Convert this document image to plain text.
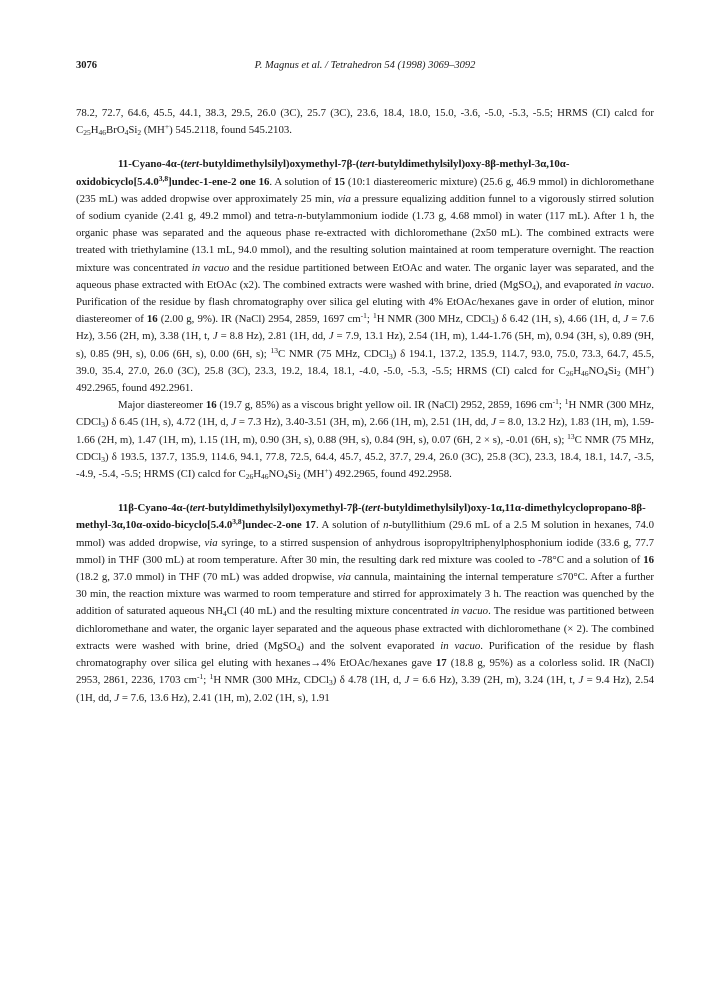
3076	P. Magnus et al. / Tetrahedron 54 (1998) 3069–3092

78.2, 72.7, 64.6, 45.5, 44.1, 38.3, 29.5, 26.0 (3C), 25.7 (3C), 23.6, 18.4, 18.0, 15.0, -3.6, -5.0, -5.3, -5.5; HRMS (CI) calcd for $C_{25}H_{46}BrO_4Si_2$ (MH+) 545.2118, found 545.2103.

11-Cyano-4α-(tert-butyldimethylsilyl)oxymethyl-7β-(tert-butyldimethylsilyl)oxy-8β-methyl-3α,10α-oxidobicyclo[5.4.0$^{3,8}$]undec-1-ene-2 one 16. A solution of 15 (10:1 diastereomeric mixture) (25.6 g, 46.9 mmol) in dichloromethane (235 mL) was added dropwise over approximately 25 min, via a pressure equalizing addition funnel to a vigorously stirred solution of sodium cyanide (2.41 g, 49.2 mmol) and tetra-n-butylammonium iodide (1.73 g, 4.68 mmol) in water (117 mL). After 1 h, the organic phase was separated and the aqueous phase re-extracted with dichloromethane (2x50 mL). The combined extracts were treated with triethylamine (13.1 mL, 94.0 mmol), and the resulting solution maintained at room temperature overnight. The reaction mixture was concentrated in vacuo and the residue partitioned between EtOAc and water. The organic layer was separated, and the aqueous phase extracted with EtOAc (x2). The combined extracts were washed with brine, dried (MgSO$_4$), and evaporated in vacuo. Purification of the residue by flash chromatography over silica gel eluting with 4% EtOAc/hexanes gave in order of elution, minor diastereomer of 16 (2.00 g, 9%). IR (NaCl) 2954, 2859, 1697 $cm^{-1}$; $^1$H NMR (300 MHz, CDCl$_3$) δ 6.42 (1H, s), 4.66 (1H, d, J = 7.6 Hz), 3.56 (2H, m), 3.38 (1H, t, J = 8.8 Hz), 2.81 (1H, dd, J = 7.9, 13.1 Hz), 2.54 (1H, m), 1.44-1.76 (5H, m), 0.94 (3H, s), 0.89 (9H, s), 0.85 (9H, s), 0.06 (6H, s), 0.00 (6H, s); $^{13}$C NMR (75 MHz, CDCl$_3$) δ 194.1, 137.2, 135.9, 114.7, 93.0, 75.0, 73.3, 64.7, 45.5, 39.0, 35.4, 27.0, 26.0 (3C), 25.8 (3C), 23.3, 19.2, 18.4, 18.1, -4.0, -5.0, -5.3, -5.5; HRMS (CI) calcd for $C_{26}H_{46}NO_4Si_2$ (MH+) 492.2965, found 492.2961.

Major diastereomer 16 (19.7 g, 85%) as a viscous bright yellow oil. IR (NaCl) 2952, 2859, 1696 $cm^{-1}$; $^1$H NMR (300 MHz, CDCl$_3$) δ 6.45 (1H, s), 4.72 (1H, d, J = 7.3 Hz), 3.40-3.51 (3H, m), 2.66 (1H, m), 2.51 (1H, dd, J = 8.0, 13.2 Hz), 1.83 (1H, m), 1.59-1.66 (2H, m), 1.47 (1H, m), 1.15 (1H, m), 0.90 (3H, s), 0.88 (9H, s), 0.84 (9H, s), 0.07 (6H, 2 × s), -0.01 (6H, s); $^{13}$C NMR (75 MHz, CDCl$_3$) δ 193.5, 137.7, 135.9, 114.6, 94.1, 77.8, 72.5, 64.4, 45.7, 45.2, 37.7, 29.4, 26.0 (3C), 25.8 (3C), 23.3, 18.4, 18.1, 14.7, -3.5, -4.9, -5.4, -5.5; HRMS (CI) calcd for $C_{26}H_{46}NO_4Si_2$ (MH+) 492.2965, found 492.2958.

11β-Cyano-4α-(tert-butyldimethylsilyl)oxymethyl-7β-(tert-butyldimethylsilyl)oxy-1α,11α-dimethylcyclopropano-8β-methyl-3α,10α-oxido-bicyclo[5.4.0$^{3,8}$]undec-2-one 17. A solution of n-butyllithium (29.6 mL of a 2.5 M solution in hexanes, 74.0 mmol) was added dropwise, via syringe, to a stirred suspension of anhydrous isopropyltriphenylphosphonium iodide (33.6 g, 77.7 mmol) in THF (300 mL) at room temperature. After 30 min, the resulting dark red mixture was cooled to -78°C and a solution of 16 (18.2 g, 37.0 mmol) in THF (70 mL) was added dropwise, via cannula, maintaining the internal temperature ≤70°C. After a further 30 min, the reaction mixture was warmed to room temperature and stirred for approximately 3 h. The reaction was quenched by the addition of saturated aqueous $NH_4Cl$ (40 mL) and the resulting mixture concentrated in vacuo. The residue was partitioned between dichloromethane and water, the organic layer separated and the aqueous phase extracted with dichloromethane (× 2). The combined extracts were washed with brine, dried (MgSO$_4$) and the solvent evaporated in vacuo. Purification of the residue by flash chromatography over silica gel eluting with hexanes→4% EtOAc/hexanes gave 17 (18.8 g, 95%) as a colorless solid. IR (NaCl) 2953, 2861, 2236, 1703 $cm^{-1}$; $^1$H NMR (300 MHz, CDCl$_3$) δ 4.78 (1H, d, J = 6.6 Hz), 3.39 (2H, m), 3.24 (1H, t, J = 9.4 Hz), 2.54 (1H, dd, J = 7.6, 13.6 Hz), 2.41 (1H, m), 2.02 (1H, s), 1.91
